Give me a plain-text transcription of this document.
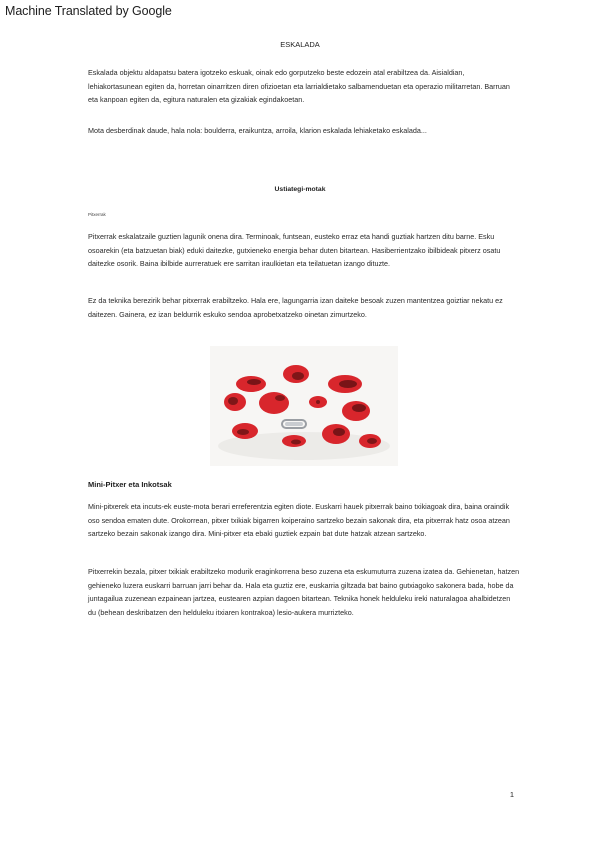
Machine Translated by Google
ESKALADA

Eskalada objektu aldapatsu batera igotzeko eskuak, oinak edo gorputzeko beste edozein atal erabiltzea da. Aisialdian, lehiakortasunean egiten da, horretan oinarritzen diren ofizioetan eta larrialdietako salbamenduetan eta operazio militarretan. Barruan eta kanpoan egiten da, egitura naturalen eta gizakiak egindakoetan.

Mota desberdinak daude, hala nola: boulderra, eraikuntza, arroila, klarion eskalada lehiaketako eskalada...

Ustiategi-motak
Pitxerrak

Pitxerrak eskalatzaile guztien lagunik onena dira. Terminoak, funtsean, eusteko erraz eta handi guztiak hartzen ditu barne. Esku osoarekin (eta batzuetan biak) eduki daitezke, gutxieneko energia behar duten bitartean. Hasiberrientzako ibilbideak pitxerz osatu daitezke osorik. Baina ibilbide aurreratuek ere sarritan iraulkietan eta teilatuetan izango dituzte.

Ez da teknika berezirik behar pitxerrak erabiltzeko. Hala ere, lagungarria izan daiteke besoak zuzen mantentzea goiztiar nekatu ez daitezen. Gainera, ez izan beldurrik eskuko sendoa aprobetxatzeko oinetan zimurtzeko.

Mini-Pitxer eta Inkotsak

Mini-pitxerek eta incuts-ek euste-mota berari erreferentzia egiten diote. Euskarri hauek pitxerrak baino txikiagoak dira, baina oraindik oso sendoa ematen dute. Orokorrean, pitxer txikiak bigarren koiperaino sartzeko bezain sakonak dira, eta pitxerrak hatz osoa atzean sartzeko bezain sakonak izango dira. Mini-pitxer eta ebaki guztiek ezpain bat dute hatzak atzean sartzeko.

Pitxerrekin bezala, pitxer txikiak erabiltzeko modurik eraginkorrena beso zuzena eta eskumuturra zuzena izatea da. Gehienetan, hatzen gehieneko luzera euskarri barruan jarri behar da. Hala eta guztiz ere, euskarria giltzada bat baino gutxiagoko sakonera bada, hobe da juntagailua zuzenean ezpainean jartzea, eustearen azpian dagoen bitartean. Teknika honek helduleku ireki naturalagoa ahalbidetzen du (behean deskribatzen den helduleku itxiaren kontrakoa) lesio-aukera murrizteko.

1
